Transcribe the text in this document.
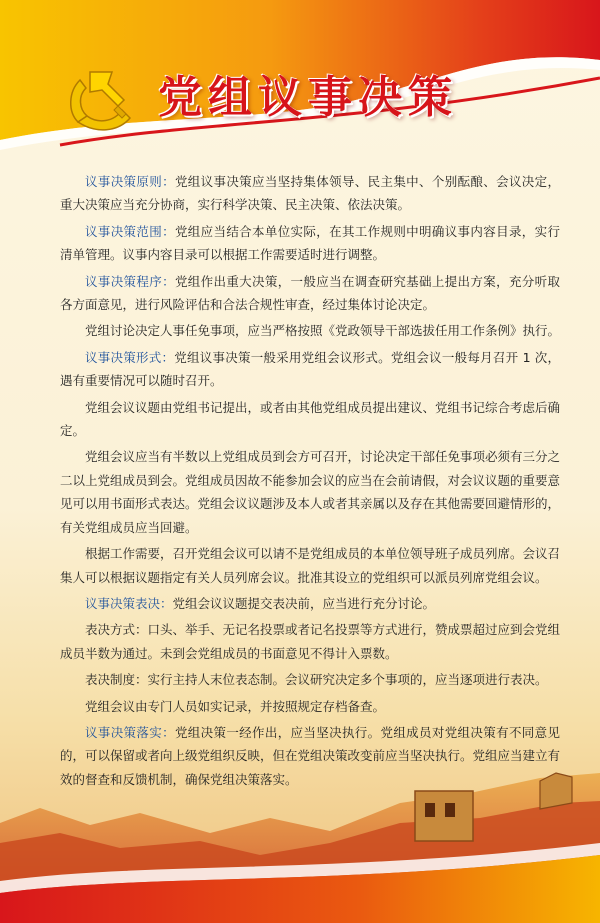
党组议事决策

议事决策原则：党组议事决策应当坚持集体领导、民主集中、个别酝酿、会议决定，重大决策应当充分协商，实行科学决策、民主决策、依法决策。

议事决策范围：党组应当结合本单位实际，在其工作规则中明确议事内容目录，实行清单管理。议事内容目录可以根据工作需要适时进行调整。

议事决策程序：党组作出重大决策，一般应当在调查研究基础上提出方案，充分听取各方面意见，进行风险评估和合法合规性审查，经过集体讨论决定。

党组讨论决定人事任免事项，应当严格按照《党政领导干部选拔任用工作条例》执行。

议事决策形式：党组议事决策一般采用党组会议形式。党组会议一般每月召开 1 次，遇有重要情况可以随时召开。

党组会议议题由党组书记提出，或者由其他党组成员提出建议、党组书记综合考虑后确定。

党组会议应当有半数以上党组成员到会方可召开，讨论决定干部任免事项必须有三分之二以上党组成员到会。党组成员因故不能参加会议的应当在会前请假，对会议议题的重要意见可以用书面形式表达。党组会议议题涉及本人或者其亲属以及存在其他需要回避情形的，有关党组成员应当回避。

根据工作需要，召开党组会议可以请不是党组成员的本单位领导班子成员列席。会议召集人可以根据议题指定有关人员列席会议。批准其设立的党组织可以派员列席党组会议。

议事决策表决：党组会议议题提交表决前，应当进行充分讨论。

表决方式：口头、举手、无记名投票或者记名投票等方式进行，赞成票超过应到会党组成员半数为通过。未到会党组成员的书面意见不得计入票数。

表决制度：实行主持人末位表态制。会议研究决定多个事项的，应当逐项进行表决。

党组会议由专门人员如实记录，并按照规定存档备查。

议事决策落实：党组决策一经作出，应当坚决执行。党组成员对党组决策有不同意见的，可以保留或者向上级党组织反映，但在党组决策改变前应当坚决执行。党组应当建立有效的督查和反馈机制，确保党组决策落实。
